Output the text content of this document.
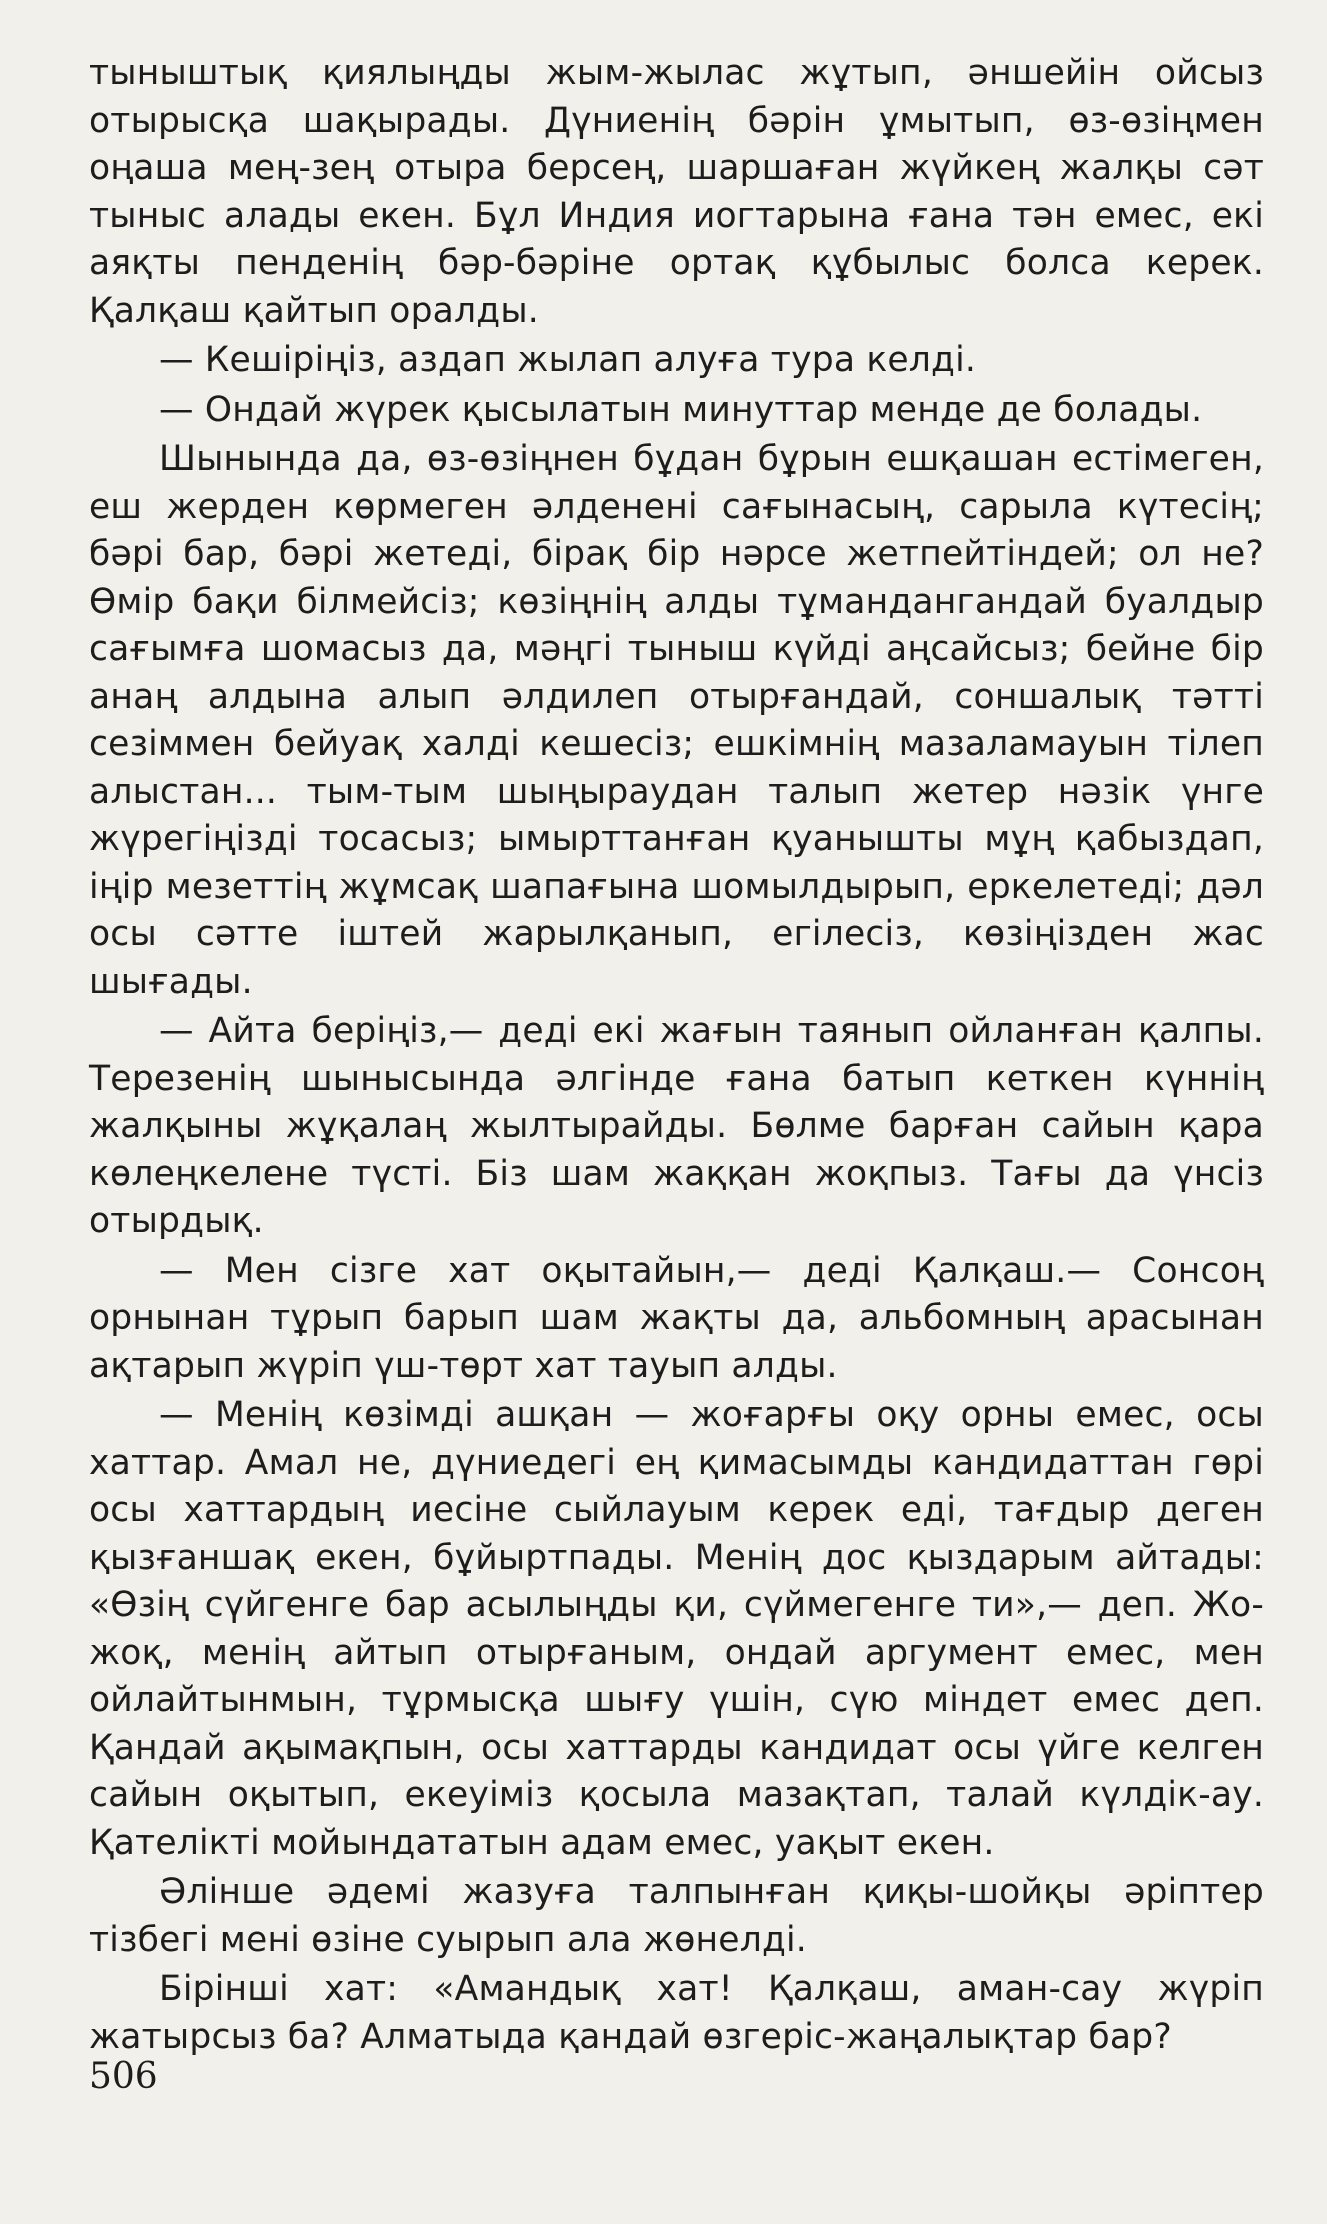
тыныштық қиялыңды жым-жылас жұтып, әншейін ойсыз отырысқа шақырады. Дүниенің бәрін ұмытып, өз-өзіңмен оңаша мең-зең отыра берсең, шаршаған жүйкең жалқы сәт тыныс алады екен. Бұл Индия иогтарына ғана тән емес, екі аяқты пенденің бәр-бәріне ортақ құбылыс болса керек. Қалқаш қайтып оралды.

— Кешіріңіз, аздап жылап алуға тура келді.

— Ондай жүрек қысылатын минуттар менде де болады.

Шынында да, өз-өзіңнен бұдан бұрын ешқашан естімеген, еш жерден көрмеген әлденені сағынасың, сарыла күтесің; бәрі бар, бәрі жетеді, бірақ бір нәрсе жетпейтіндей; ол не? Өмір бақи білмейсіз; көзіңнің алды тұмандангандай буалдыр сағымға шомасыз да, мәңгі тыныш күйді аңсайсыз; бейне бір анаң алдына алып әлдилеп отырғандай, соншалық тәтті сезіммен бейуақ халді кешесіз; ешкімнің мазаламауын тілеп алыстан... тым-тым шыңыраудан талып жетер нәзік үнге жүрегіңізді тосасыз; ымырттанған қуанышты мұң қабыздап, іңір мезеттің жұмсақ шапағына шомылдырып, еркелетеді; дәл осы сәтте іштей жарылқанып, егілесіз, көзіңізден жас шығады.

— Айта беріңіз,— деді екі жағын таянып ойланған қалпы. Терезенің шынысында әлгінде ғана батып кеткен күннің жалқыны жұқалаң жылтырайды. Бөлме барған сайын қара көлеңкелене түсті. Біз шам жаққан жоқпыз. Тағы да үнсіз отырдық.

— Мен сізге хат оқытайын,— деді Қалқаш.— Сонсоң орнынан тұрып барып шам жақты да, альбомның арасынан ақтарып жүріп үш-төрт хат тауып алды.

— Менің көзімді ашқан — жоғарғы оқу орны емес, осы хаттар. Амал не, дүниедегі ең қимасымды кандидаттан гөрі осы хаттардың иесіне сыйлауым керек еді, тағдыр деген қызғаншақ екен, бұйыртпады. Менің дос қыздарым айтады: «Өзің сүйгенге бар асылыңды қи, сүймегенге ти»,— деп. Жо-жоқ, менің айтып отырғаным, ондай аргумент емес, мен ойлайтынмын, тұрмысқа шығу үшін, сүю міндет емес деп. Қандай ақымақпын, осы хаттарды кандидат осы үйге келген сайын оқытып, екеуіміз қосыла мазақтап, талай күлдік-ау. Қателікті мойындататын адам емес, уақыт екен.

Әлінше әдемі жазуға талпынған қиқы-шойқы әріптер тізбегі мені өзіне суырып ала жөнелді.

Бірінші хат: «Амандық хат! Қалқаш, аман-сау жүріп жатырсыз ба? Алматыда қандай өзгеріс-жаңалықтар бар?

506
